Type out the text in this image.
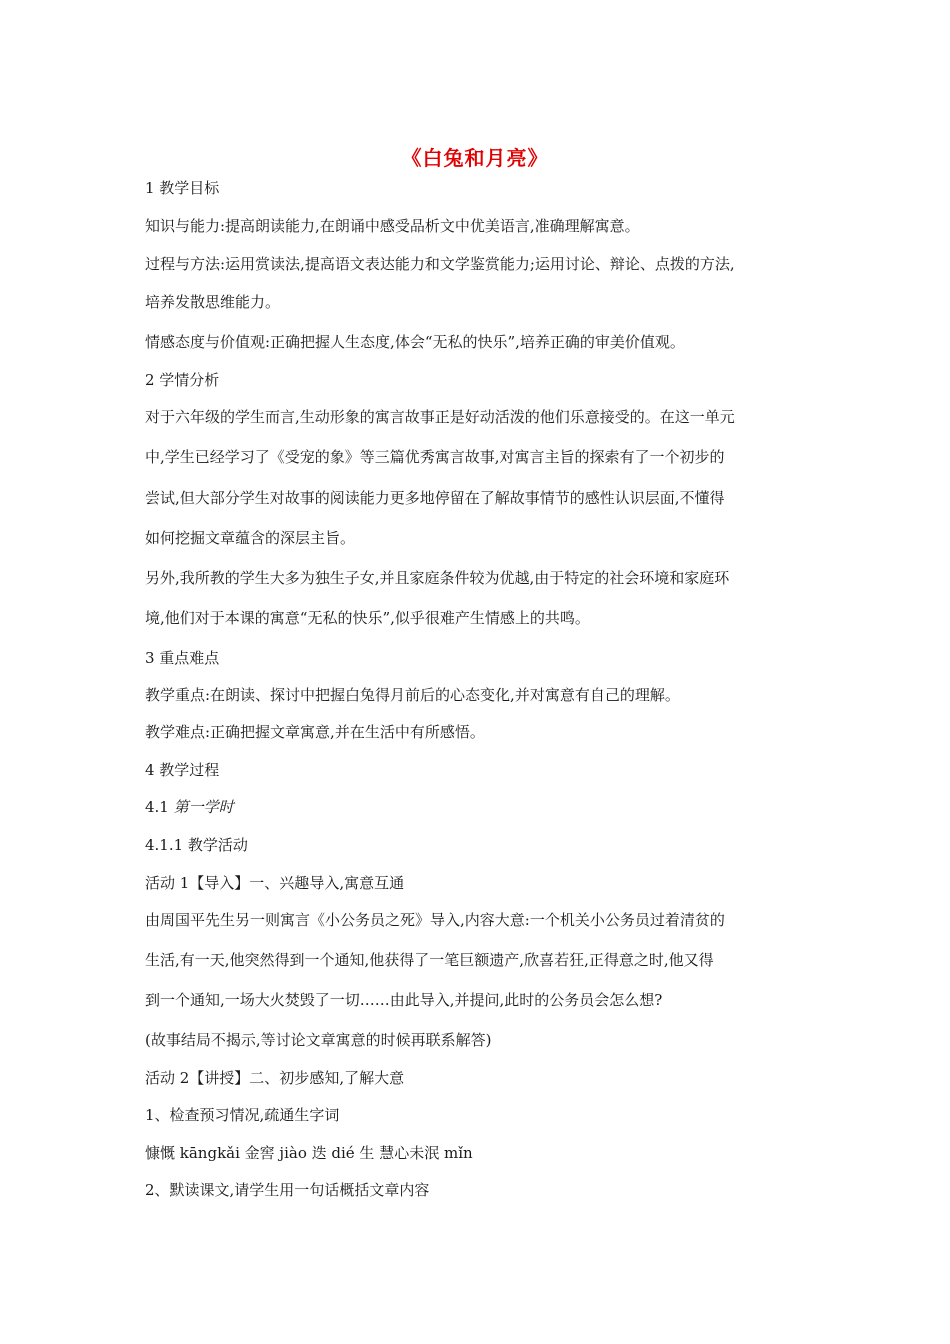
《白兔和月亮》
1 教学目标
知识与能力:提高朗读能力,在朗诵中感受品析文中优美语言,准确理解寓意。
过程与方法:运用赏读法,提高语文表达能力和文学鉴赏能力;运用讨论、辩论、点拨的方法,
培养发散思维能力。
情感态度与价值观:正确把握人生态度,体会“无私的快乐”,培养正确的审美价值观。
2 学情分析
对于六年级的学生而言,生动形象的寓言故事正是好动活泼的他们乐意接受的。在这一单元
中,学生已经学习了《受宠的象》等三篇优秀寓言故事,对寓言主旨的探索有了一个初步的
尝试,但大部分学生对故事的阅读能力更多地停留在了解故事情节的感性认识层面,不懂得
如何挖掘文章蕴含的深层主旨。
另外,我所教的学生大多为独生子女,并且家庭条件较为优越,由于特定的社会环境和家庭环
境,他们对于本课的寓意“无私的快乐”,似乎很难产生情感上的共鸣。
3 重点难点
教学重点:在朗读、探讨中把握白兔得月前后的心态变化,并对寓意有自己的理解。
教学难点:正确把握文章寓意,并在生活中有所感悟。
4 教学过程
4.1 第一学时
4.1.1 教学活动
活动 1【导入】一、兴趣导入,寓意互通
由周国平先生另一则寓言《小公务员之死》导入,内容大意:一个机关小公务员过着清贫的
生活,有一天,他突然得到一个通知,他获得了一笔巨额遗产,欣喜若狂,正得意之时,他又得
到一个通知,一场大火焚毁了一切……由此导入,并提问,此时的公务员会怎么想?
(故事结局不揭示,等讨论文章寓意的时候再联系解答)
活动 2【讲授】二、初步感知,了解大意
1、检查预习情况,疏通生字词
慷慨 kāngkǎi 金窖 jiào 迭 dié 生 慧心未泯 mǐn
2、默读课文,请学生用一句话概括文章内容
